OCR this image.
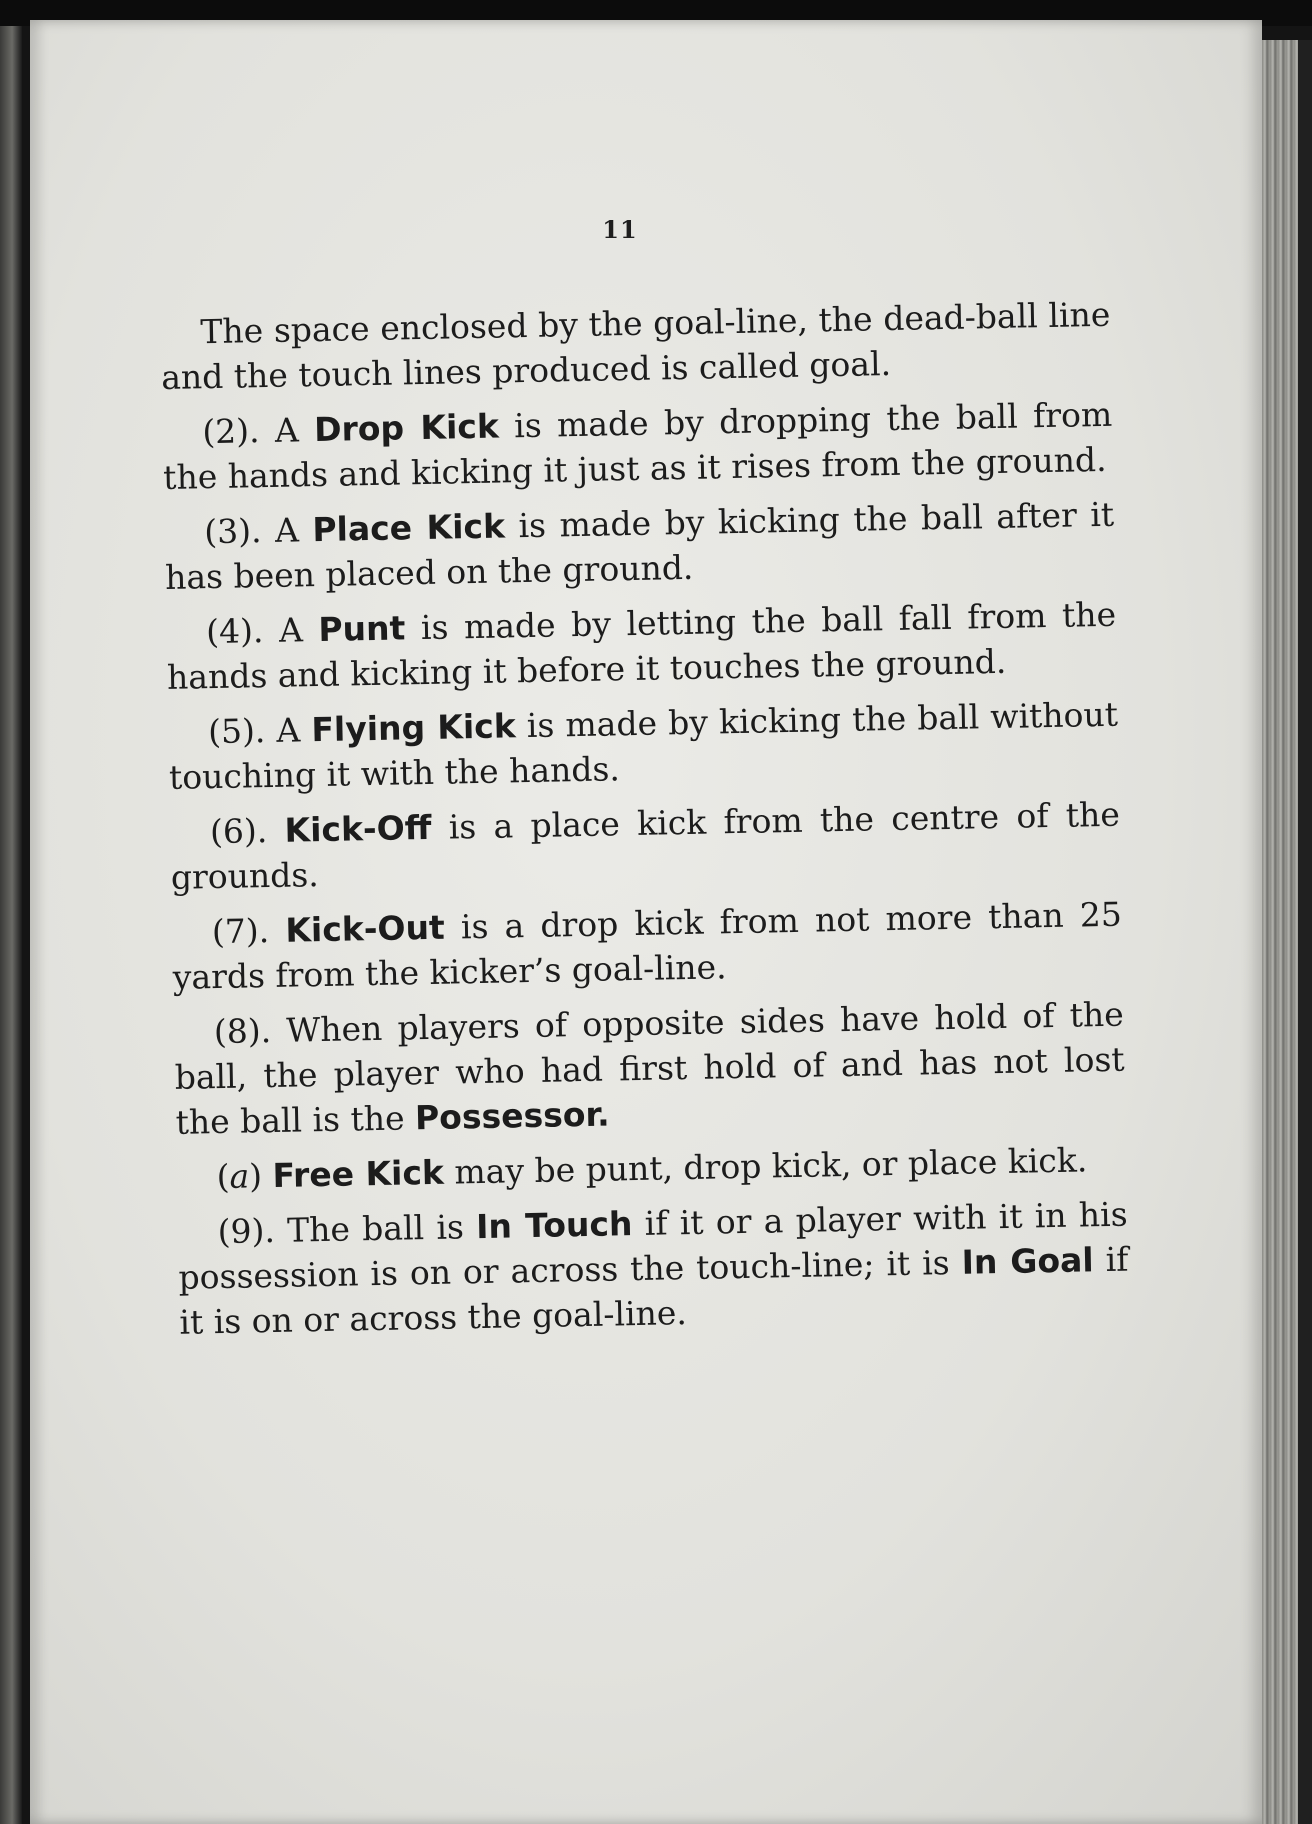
11

The space enclosed by the goal-line, the dead-ball line and the touch lines produced is called goal.

(2). A Drop Kick is made by dropping the ball from the hands and kicking it just as it rises from the ground.

(3). A Place Kick is made by kicking the ball after it has been placed on the ground.

(4). A Punt is made by letting the ball fall from the hands and kicking it before it touches the ground.

(5). A Flying Kick is made by kicking the ball without touching it with the hands.

(6). Kick-Off is a place kick from the centre of the grounds.

(7). Kick-Out is a drop kick from not more than 25 yards from the kicker’s goal-line.

(8). When players of opposite sides have hold of the ball, the player who had first hold of and has not lost the ball is the Possessor.

(a) Free Kick may be punt, drop kick, or place kick.

(9). The ball is In Touch if it or a player with it in his possession is on or across the touch-line; it is In Goal if it is on or across the goal-line.
